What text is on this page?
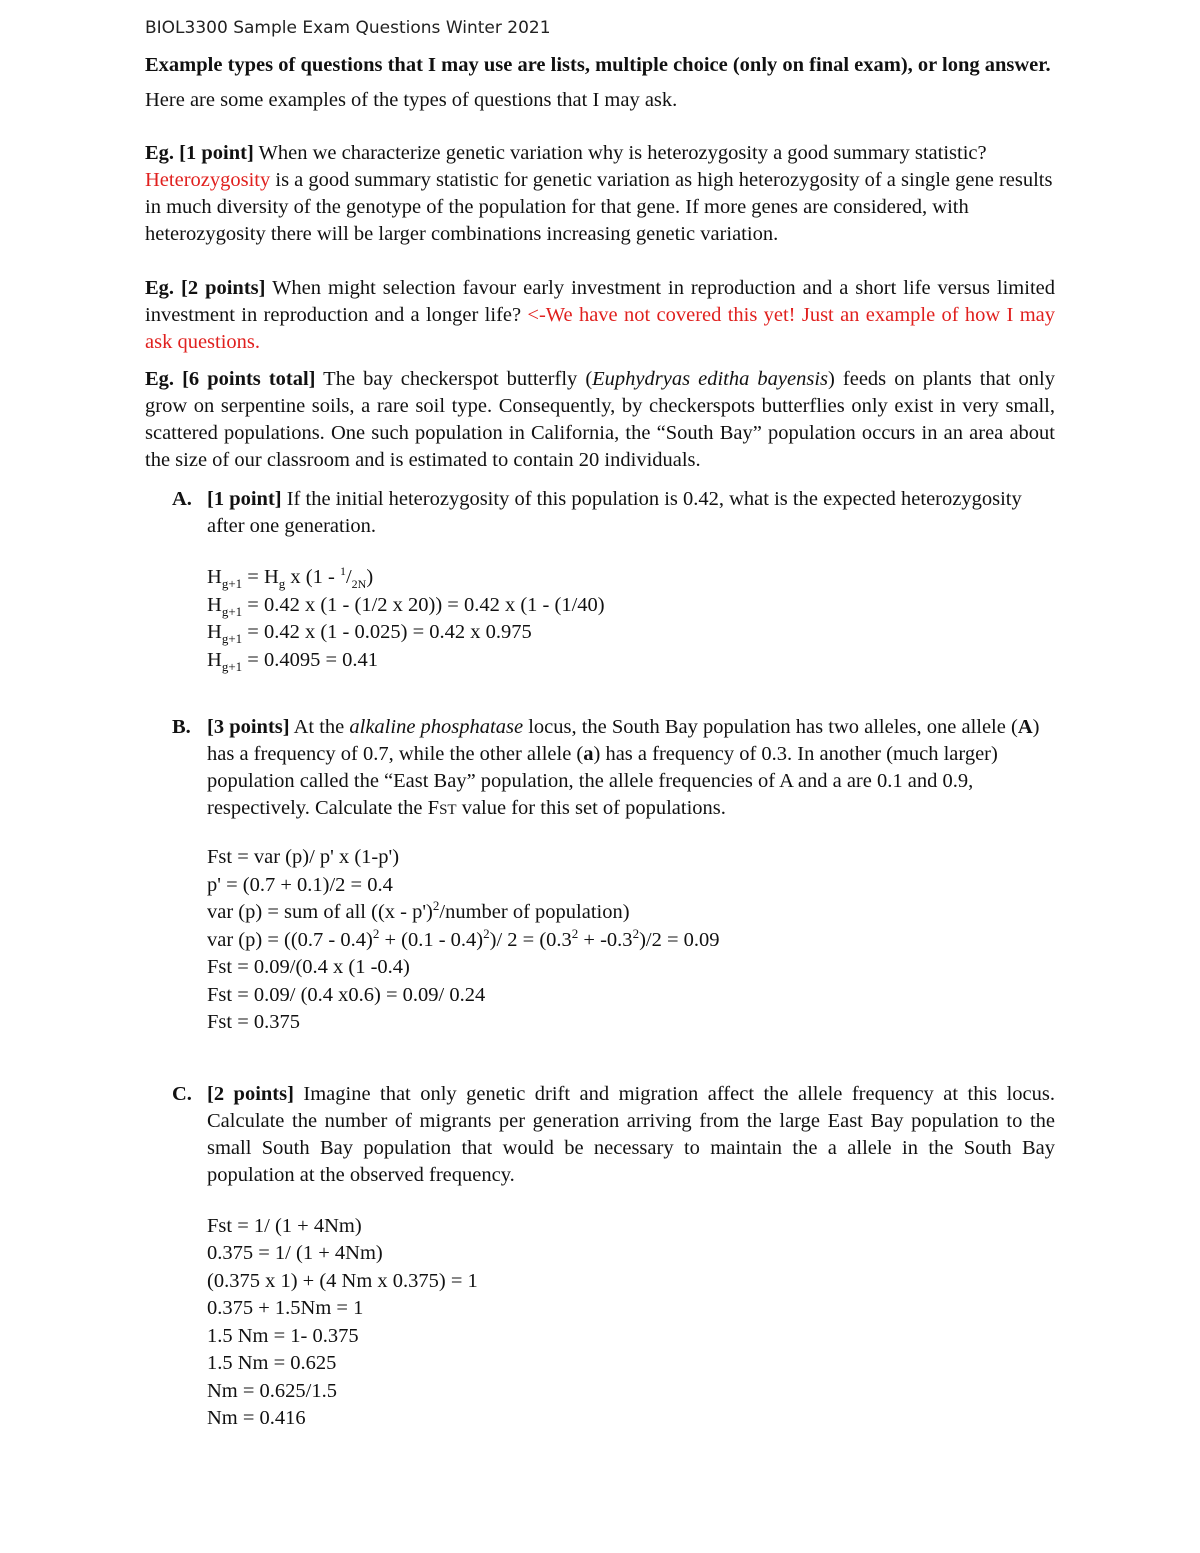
BIOL3300 Sample Exam Questions Winter 2021

Example types of questions that I may use are lists, multiple choice (only on final exam), or long answer.

Here are some examples of the types of questions that I may ask.

Eg. [1 point] When we characterize genetic variation why is heterozygosity a good summary statistic? Heterozygosity is a good summary statistic for genetic variation as high heterozygosity of a single gene results in much diversity of the genotype of the population for that gene. If more genes are considered, with heterozygosity there will be larger combinations increasing genetic variation.

Eg. [2 points] When might selection favour early investment in reproduction and a short life versus limited investment in reproduction and a longer life? <-We have not covered this yet! Just an example of how I may ask questions.

Eg. [6 points total] The bay checkerspot butterfly (Euphydryas editha bayensis) feeds on plants that only grow on serpentine soils, a rare soil type. Consequently, by checkerspots butterflies only exist in very small, scattered populations. One such population in California, the “South Bay” population occurs in an area about the size of our classroom and is estimated to contain 20 individuals.

A. [1 point] If the initial heterozygosity of this population is 0.42, what is the expected heterozygosity after one generation.
$H_{g+1} = H_g$ x $(1 - ^1/_{2N})$
$H_{g+1} = 0.42$ x (1 - (1/2 x 20)) = 0.42 x (1 - (1/40)
$H_{g+1} = 0.42$ x (1 - 0.025) = 0.42 x 0.975
$H_{g+1} = 0.4095 = 0.41$
B. [3 points] At the alkaline phosphatase locus, the South Bay population has two alleles, one allele (A) has a frequency of 0.7, while the other allele (a) has a frequency of 0.3. In another (much larger) population called the “East Bay” population, the allele frequencies of A and a are 0.1 and 0.9, respectively. Calculate the FST value for this set of populations.
Fst = var (p)/ p' x (1-p')
p' = (0.7 + 0.1)/2 = 0.4
var (p) = sum of all ((x - p')$^2$/number of population)
var (p) = ((0.7 - 0.4)$^2$ + (0.1 - 0.4)$^2$)/ $2 = (0.3^2 + -0.3^2)/2 = 0.09$
Fst = 0.09/(0.4 x (1 -0.4)
Fst = 0.09/ (0.4 x0.6) = 0.09/ 0.24
Fst = 0.375
C. [2 points] Imagine that only genetic drift and migration affect the allele frequency at this locus. Calculate the number of migrants per generation arriving from the large East Bay population to the small South Bay population that would be necessary to maintain the a allele in the South Bay population at the observed frequency.
Fst = 1/ (1 + 4Nm)
0.375 = 1/ (1 + 4Nm)
(0.375 x 1) + (4 Nm x 0.375) = 1
0.375 + 1.5Nm = 1
1.5 Nm = 1- 0.375
1.5 Nm = 0.625
Nm = 0.625/1.5
Nm = 0.416
